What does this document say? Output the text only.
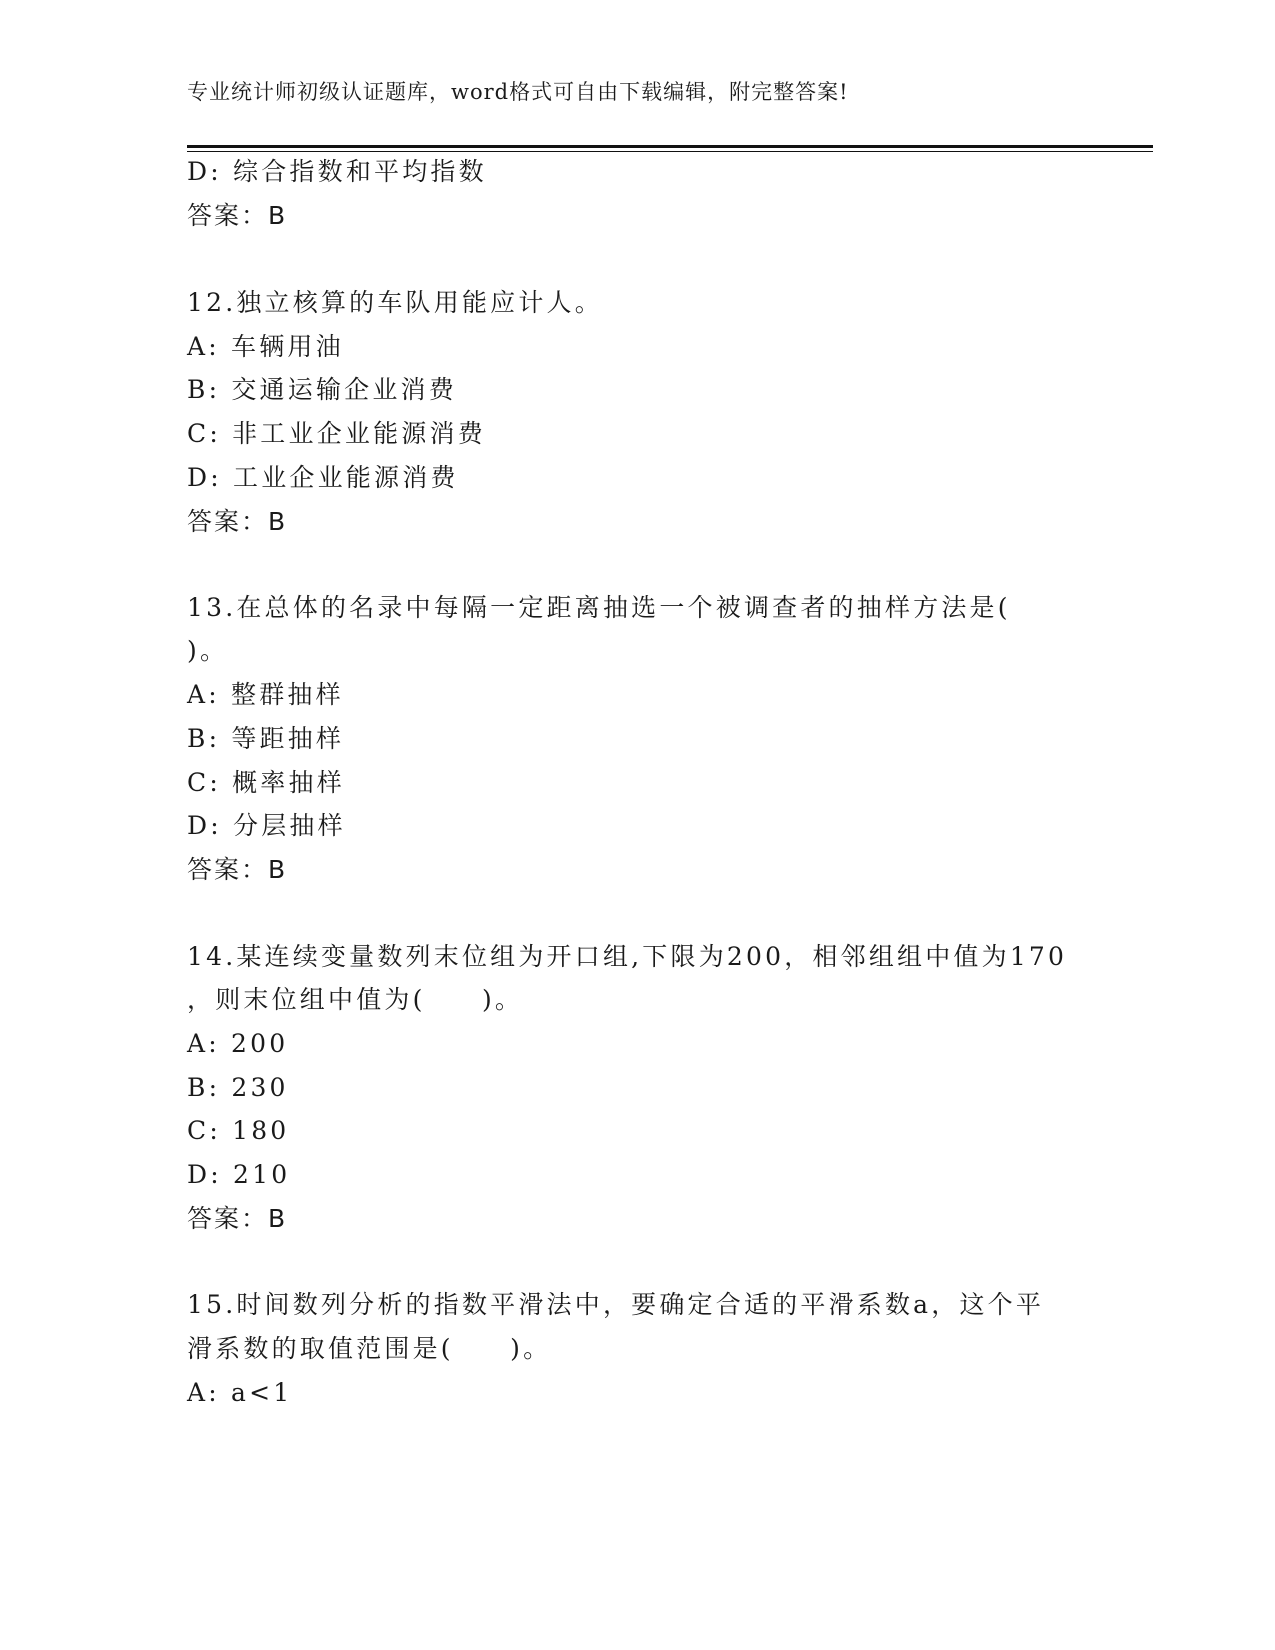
专业统计师初级认证题库，word格式可自由下载编辑，附完整答案!
D: 综合指数和平均指数
答案：B
12.独立核算的车队用能应计人。
A: 车辆用油
B: 交通运输企业消费
C: 非工业企业能源消费
D: 工业企业能源消费
答案：B
13.在总体的名录中每隔一定距离抽选一个被调查者的抽样方法是(
)。
A: 整群抽样
B: 等距抽样
C: 概率抽样
D: 分层抽样
答案：B
14.某连续变量数列末位组为开口组,下限为200，相邻组组中值为170
，则末位组中值为(　　)。
A: 200
B: 230
C: 180
D: 210
答案：B
15.时间数列分析的指数平滑法中，要确定合适的平滑系数a，这个平
滑系数的取值范围是(　　)。
A: a<1
